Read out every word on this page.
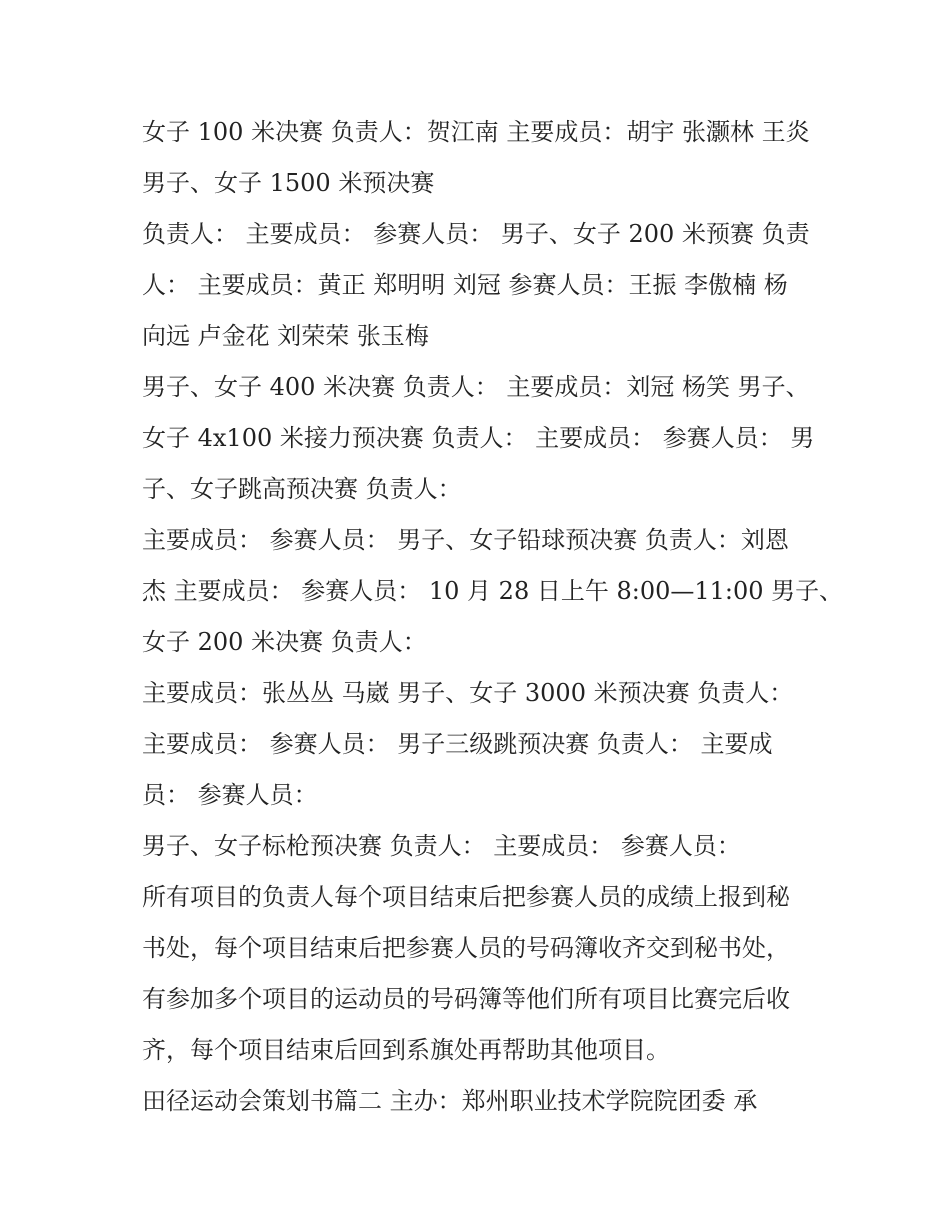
女子 100 米决赛 负责人：贺江南 主要成员：胡宇 张灏林 王炎
男子、女子 1500 米预决赛
负责人： 主要成员： 参赛人员： 男子、女子 200 米预赛 负责
人： 主要成员：黄正 郑明明 刘冠 参赛人员：王振 李傲楠 杨
向远 卢金花 刘荣荣 张玉梅
男子、女子 400 米决赛 负责人： 主要成员：刘冠 杨笑 男子、
女子 4x100 米接力预决赛 负责人： 主要成员： 参赛人员： 男
子、女子跳高预决赛 负责人：
主要成员： 参赛人员： 男子、女子铅球预决赛 负责人：刘恩
杰 主要成员： 参赛人员： 10 月 28 日上午 8:00—11:00 男子、
女子 200 米决赛 负责人：
主要成员：张丛丛 马崴 男子、女子 3000 米预决赛 负责人：
主要成员： 参赛人员： 男子三级跳预决赛 负责人： 主要成
员： 参赛人员：
男子、女子标枪预决赛 负责人： 主要成员： 参赛人员：
所有项目的负责人每个项目结束后把参赛人员的成绩上报到秘
书处，每个项目结束后把参赛人员的号码簿收齐交到秘书处，
有参加多个项目的运动员的号码簿等他们所有项目比赛完后收
齐，每个项目结束后回到系旗处再帮助其他项目。
田径运动会策划书篇二 主办：郑州职业技术学院院团委 承
